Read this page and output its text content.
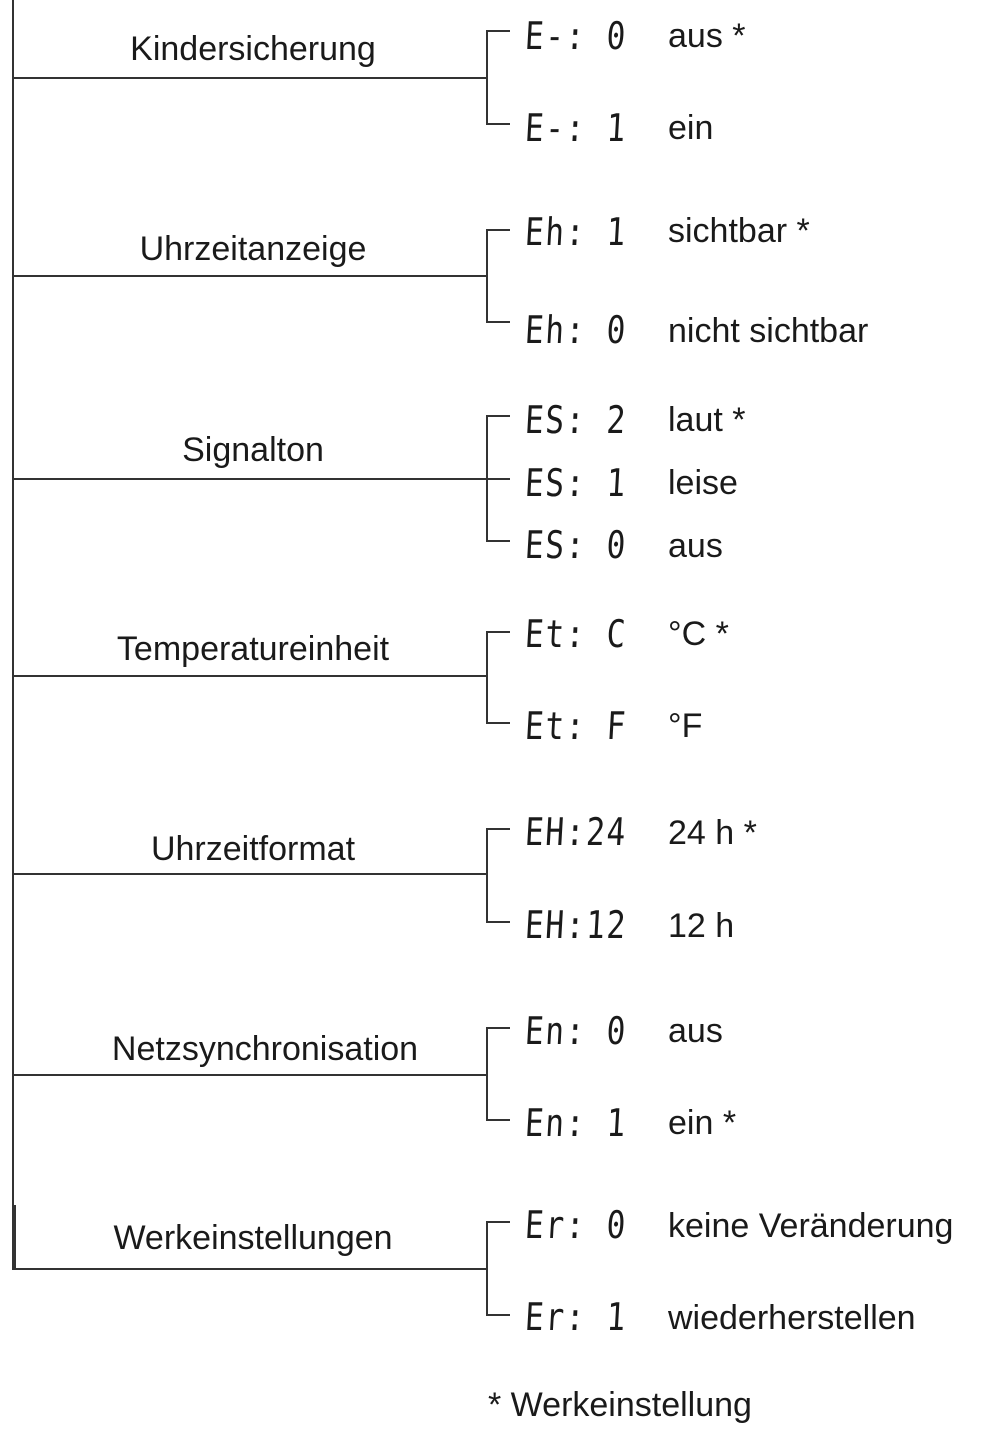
Kindersicherung
Uhrzeitanzeige
Signalton
Temperatureinheit
Uhrzeitformat
Netzsynchronisation
Werkeinstellungen
E-: 0 aus *
E-: 1 ein
Eh: 1 sichtbar *
Eh: 0 nicht sichtbar
ES: 2 laut *
ES: 1 leise
ES: 0 aus
Et: C °C *
Et: F °F
EH:24 24 h *
EH:12 12 h
En: 0 aus
En: 1 ein *
Er: 0 keine Veränderung
Er: 1 wiederherstellen
* Werkeinstellung
